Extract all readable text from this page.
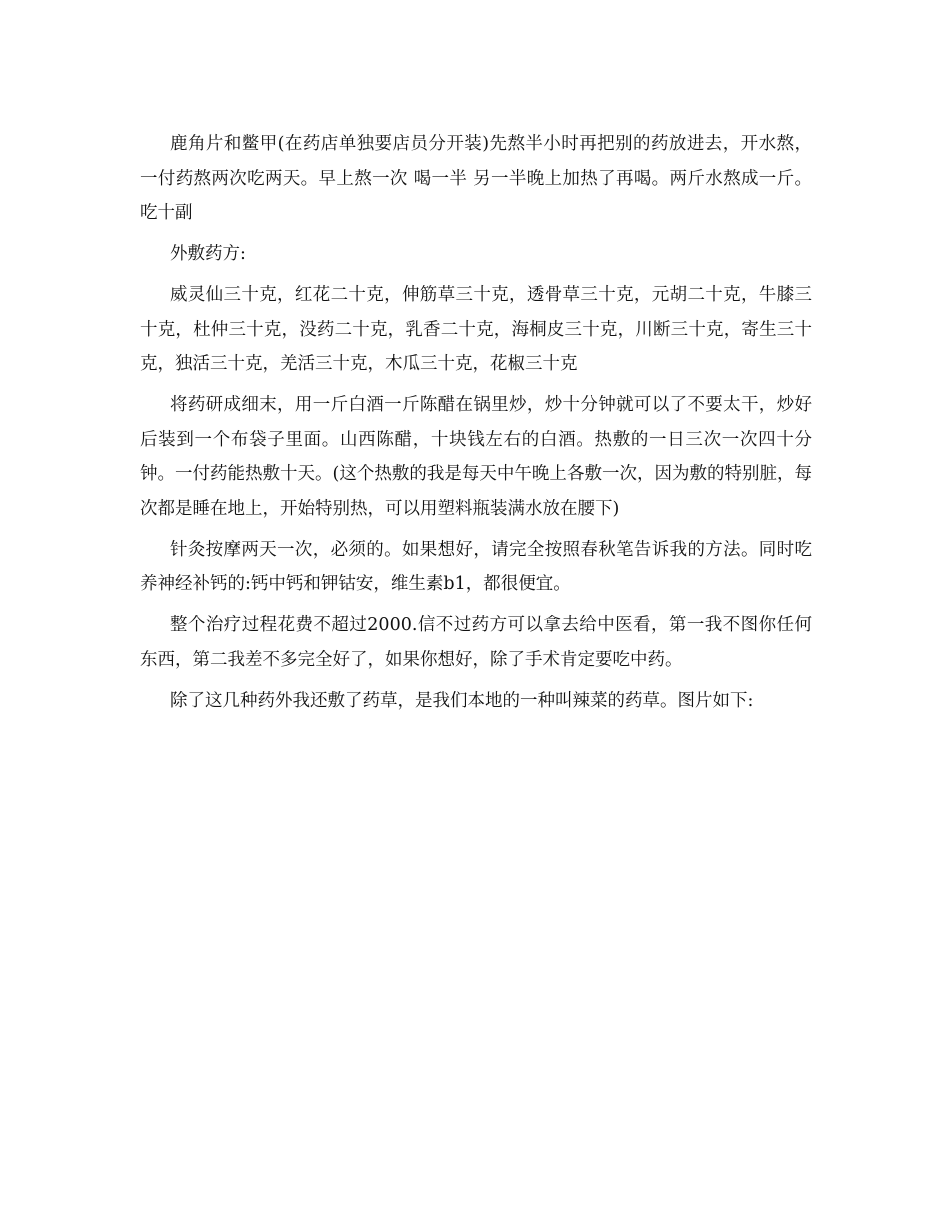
鹿角片和鳖甲(在药店单独要店员分开装)先熬半小时再把别的药放进去，开水熬，一付药熬两次吃两天。早上熬一次 喝一半 另一半晚上加热了再喝。两斤水熬成一斤。吃十副

外敷药方:

威灵仙三十克，红花二十克，伸筋草三十克，透骨草三十克，元胡二十克，牛膝三十克，杜仲三十克，没药二十克，乳香二十克，海桐皮三十克，川断三十克，寄生三十克，独活三十克，羌活三十克，木瓜三十克，花椒三十克

将药研成细末，用一斤白酒一斤陈醋在锅里炒，炒十分钟就可以了不要太干，炒好后装到一个布袋子里面。山西陈醋，十块钱左右的白酒。热敷的一日三次一次四十分钟。一付药能热敷十天。(这个热敷的我是每天中午晚上各敷一次，因为敷的特别脏，每次都是睡在地上，开始特别热，可以用塑料瓶装满水放在腰下)

针灸按摩两天一次，必须的。如果想好，请完全按照春秋笔告诉我的方法。同时吃养神经补钙的:钙中钙和钾钴安，维生素b1，都很便宜。

整个治疗过程花费不超过2000.信不过药方可以拿去给中医看，第一我不图你任何东西，第二我差不多完全好了，如果你想好，除了手术肯定要吃中药。

除了这几种药外我还敷了药草，是我们本地的一种叫辣菜的药草。图片如下:
